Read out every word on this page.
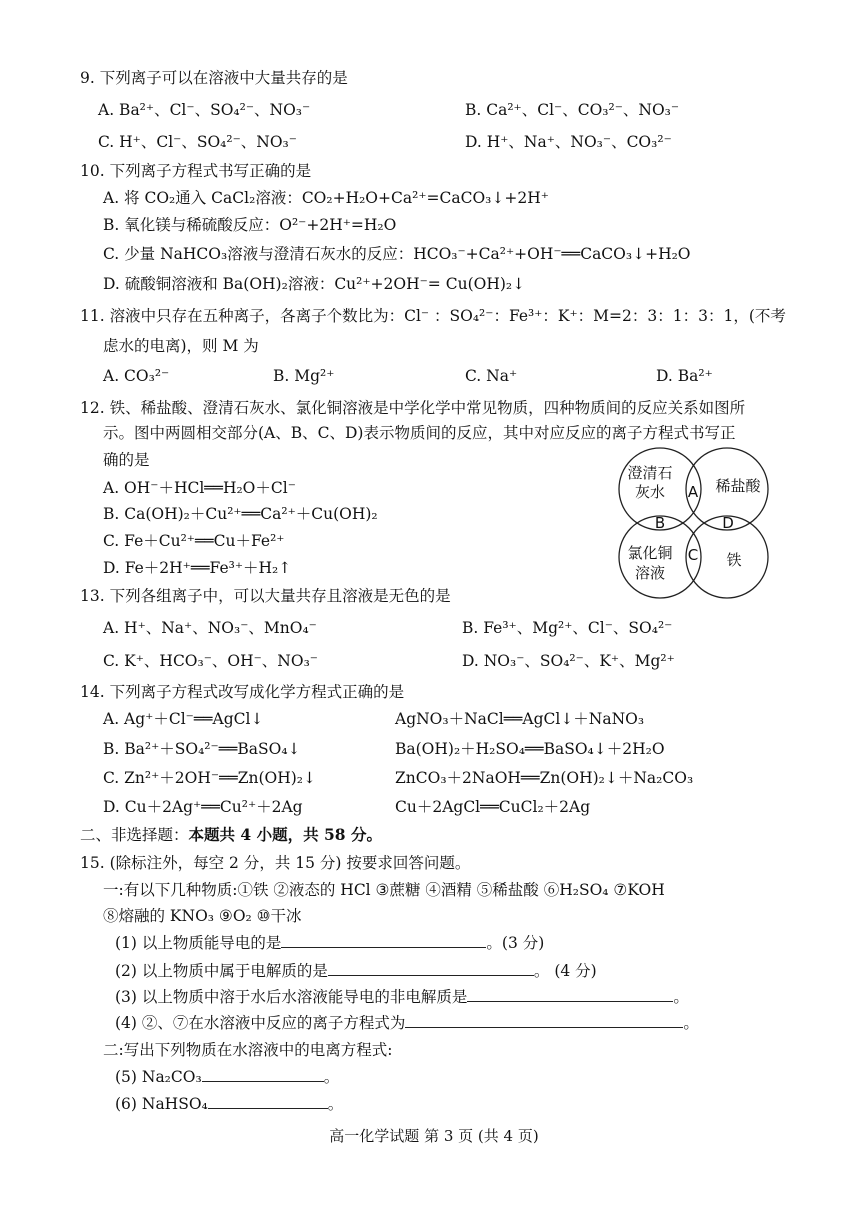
9. 下列离子可以在溶液中大量共存的是
A. Ba²⁺、Cl⁻、SO₄²⁻、NO₃⁻	B. Ca²⁺、Cl⁻、CO₃²⁻、NO₃⁻
C. H⁺、Cl⁻、SO₄²⁻、NO₃⁻	D. H⁺、Na⁺、NO₃⁻、CO₃²⁻
10. 下列离子方程式书写正确的是
A. 将 CO₂通入 CaCl₂溶液：CO₂+H₂O+Ca²⁺=CaCO₃↓+2H⁺
B. 氧化镁与稀硫酸反应：O²⁻+2H⁺=H₂O
C. 少量 NaHCO₃溶液与澄清石灰水的反应：HCO₃⁻+Ca²⁺+OH⁻══CaCO₃↓+H₂O
D. 硫酸铜溶液和 Ba(OH)₂溶液：Cu²⁺+2OH⁻= Cu(OH)₂↓
11. 溶液中只存在五种离子，各离子个数比为：Cl⁻ ：SO₄²⁻：Fe³⁺：K⁺：M=2：3：1：3：1，(不考
虑水的电离)，则 M 为
A. CO₃²⁻	B. Mg²⁺	C. Na⁺	D. Ba²⁺
12. 铁、稀盐酸、澄清石灰水、氯化铜溶液是中学化学中常见物质，四种物质间的反应关系如图所
示。图中两圆相交部分(A、B、C、D)表示物质间的反应，其中对应反应的离子方程式书写正
确的是
A. OH⁻＋HCl══H₂O＋Cl⁻
B. Ca(OH)₂＋Cu²⁺══Ca²⁺＋Cu(OH)₂
C. Fe＋Cu²⁺══Cu＋Fe²⁺
D. Fe＋2H⁺══Fe³⁺＋H₂↑
澄清石
灰水	稀盐酸
氯化铜
溶液
铁
A
B
C
D
13. 下列各组离子中，可以大量共存且溶液是无色的是
A. H⁺、Na⁺、NO₃⁻、MnO₄⁻	B. Fe³⁺、Mg²⁺、Cl⁻、SO₄²⁻
C. K⁺、HCO₃⁻、OH⁻、NO₃⁻	D. NO₃⁻、SO₄²⁻、K⁺、Mg²⁺
14. 下列离子方程式改写成化学方程式正确的是
A. Ag⁺＋Cl⁻══AgCl↓	AgNO₃＋NaCl══AgCl↓＋NaNO₃
B. Ba²⁺＋SO₄²⁻══BaSO₄↓	Ba(OH)₂＋H₂SO₄══BaSO₄↓＋2H₂O
C. Zn²⁺＋2OH⁻══Zn(OH)₂↓	ZnCO₃＋2NaOH══Zn(OH)₂↓＋Na₂CO₃
D. Cu＋2Ag⁺══Cu²⁺＋2Ag	Cu＋2AgCl══CuCl₂＋2Ag
二、非选择题：本题共 4 小题，共 58 分。
15. (除标注外，每空 2 分，共 15 分) 按要求回答问题。
一:有以下几种物质:①铁 ②液态的 HCl ③蔗糖 ④酒精 ⑤稀盐酸 ⑥H₂SO₄ ⑦KOH
⑧熔融的 KNO₃ ⑨O₂ ⑩干冰
(1) 以上物质能导电的是	。(3 分)
(2) 以上物质中属于电解质的是	。 (4 分)
(3) 以上物质中溶于水后水溶液能导电的非电解质是	。
(4) ②、⑦在水溶液中反应的离子方程式为	。
二:写出下列物质在水溶液中的电离方程式:
(5) Na₂CO₃	。
(6) NaHSO₄	。
高一化学试题 第 3 页 (共 4 页)
